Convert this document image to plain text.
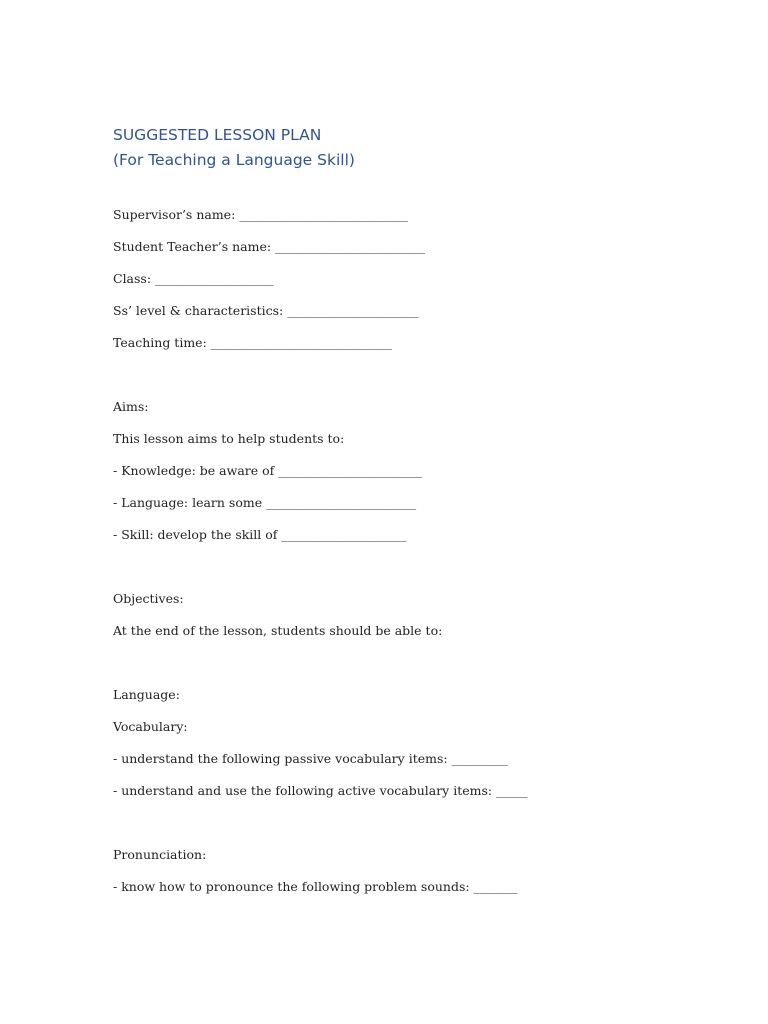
SUGGESTED LESSON PLAN
(For Teaching a Language Skill)
Supervisor’s name: ___________________________
Student Teacher’s name: ________________________
Class: ___________________
Ss’ level & characteristics: _____________________
Teaching time: _____________________________
Aims:
This lesson aims to help students to:
- Knowledge: be aware of _______________________
- Language: learn some ________________________
- Skill: develop the skill of ____________________
Objectives:
At the end of the lesson, students should be able to:
Language:
Vocabulary:
- understand the following passive vocabulary items: _________
- understand and use the following active vocabulary items: _____
Pronunciation:
- know how to pronounce the following problem sounds: _______
